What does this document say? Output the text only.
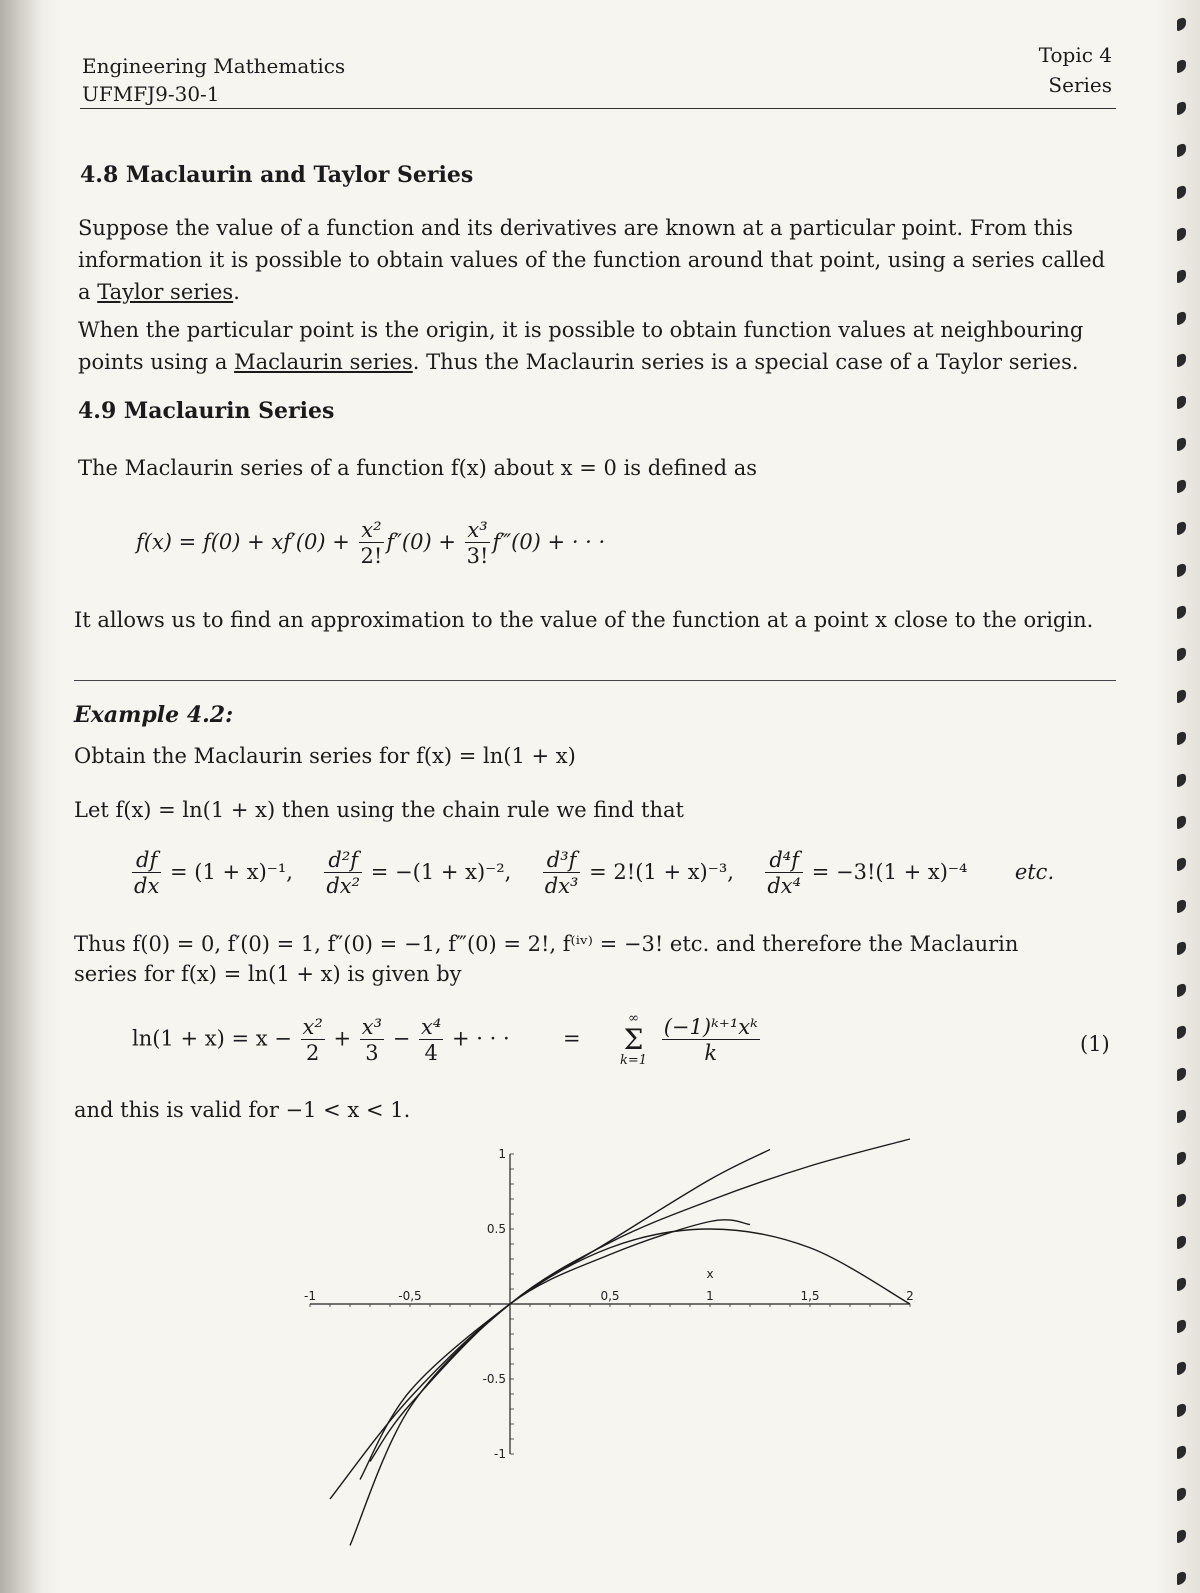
Engineering Mathematics
UFMFJ9-30-1
Topic 4
Series
4.8 Maclaurin and Taylor Series
Suppose the value of a function and its derivatives are known at a particular point. From this information it is possible to obtain values of the function around that point, using a series called a Taylor series.
When the particular point is the origin, it is possible to obtain function values at neighbouring points using a Maclaurin series. Thus the Maclaurin series is a special case of a Taylor series.
4.9 Maclaurin Series
The Maclaurin series of a function f(x) about x = 0 is defined as
$f(x) = f(0) + xf'(0) + \frac{\text{x²}}{2!} f''(0) + \frac{\text{x³}}{3!}$ f‴(0) + · · ·
It allows us to find an approximation to the value of the function at a point x close to the origin.
Example 4.2:
Obtain the Maclaurin series for f(x) = ln(1 + x)
Let f(x) = ln(1 + x) then using the chain rule we find that
$\frac{df}{dx} = (1 + x)^{-1}$, $\frac{\text{d²f}}{\text{dx²}} = -(1 + x)^{-2}$, $\frac{\text{d³f}}{\text{dx³}} = 2!(1 + x)^{-3}$, $\frac{\text{d⁴f}}{\text{dx⁴}} = -3!(1 + x)^{-4}$ etc.
Thus f(0) = 0, f′(0) = 1, f″(0) = −1, f‴(0) = 2!, f⁽ⁱᵛ⁾ = −3! etc. and therefore the Maclaurin
series for f(x) = ln(1 + x) is given by
$\ln(1 + x) = x - \frac{\text{x²}}{2} + \frac{\text{x³}}{3} - \frac{\text{x⁴}}{4}$ + · · ·	=
∞
Σ
k=1
$\frac{\text{(−1)ᵏ⁺¹xᵏ}}{k}$	(1)
and this is valid for −1 < x < 1.
-1	-0,5	0,5	1	1,5	2
1
0.5
-0.5
-1
x
